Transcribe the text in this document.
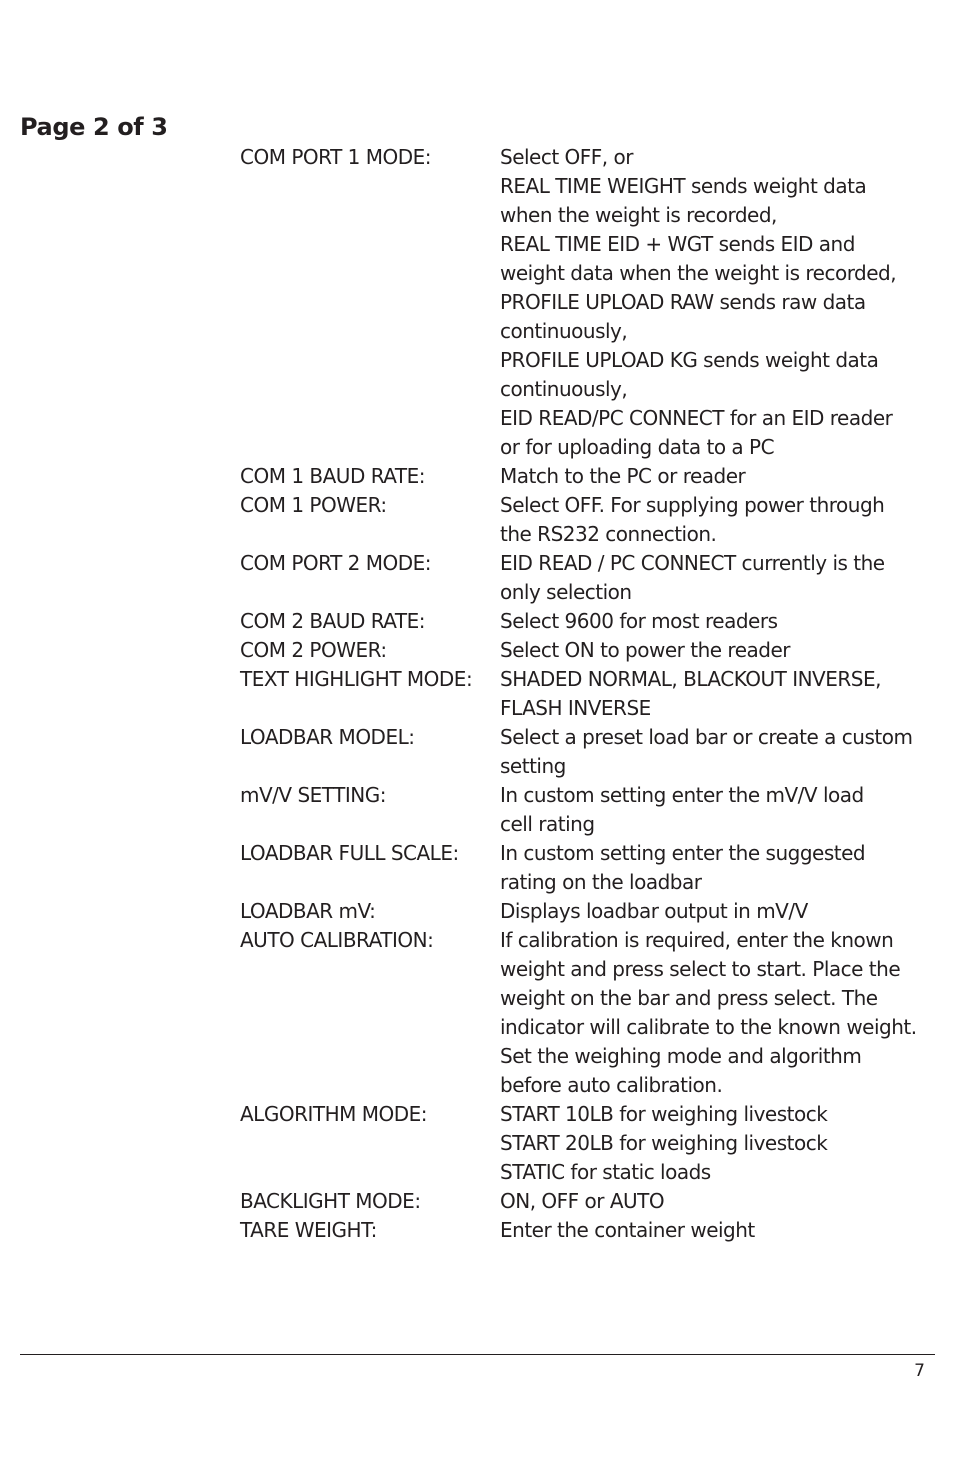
Page 2 of 3

COM PORT 1 MODE:	Select OFF, or
REAL TIME WEIGHT sends weight data
when the weight is recorded,
REAL TIME EID + WGT sends EID and
weight data when the weight is recorded,
PROFILE UPLOAD RAW sends raw data
continuously,
PROFILE UPLOAD KG sends weight data
continuously,
EID READ/PC CONNECT for an EID reader
or for uploading data to a PC

COM 1 BAUD RATE:	Match to the PC or reader

COM 1 POWER:	Select OFF. For supplying power through
the RS232 connection.

COM PORT 2 MODE:	EID READ / PC CONNECT currently is the
only selection

COM 2 BAUD RATE:	Select 9600 for most readers

COM 2 POWER:	Select ON to power the reader

TEXT HIGHLIGHT MODE:	SHADED NORMAL, BLACKOUT INVERSE,
FLASH INVERSE

LOADBAR MODEL:	Select a preset load bar or create a custom
setting

mV/V SETTING:	In custom setting enter the mV/V load
cell rating

LOADBAR FULL SCALE:	In custom setting enter the suggested
rating on the loadbar

LOADBAR mV:	Displays loadbar output in mV/V

AUTO CALIBRATION:	If calibration is required, enter the known
weight and press select to start. Place the
weight on the bar and press select. The
indicator will calibrate to the known weight.
Set the weighing mode and algorithm
before auto calibration.

ALGORITHM MODE:	START 10LB for weighing livestock
START 20LB for weighing livestock
STATIC for static loads

BACKLIGHT MODE:	ON, OFF or AUTO

TARE WEIGHT:	Enter the container weight

7
